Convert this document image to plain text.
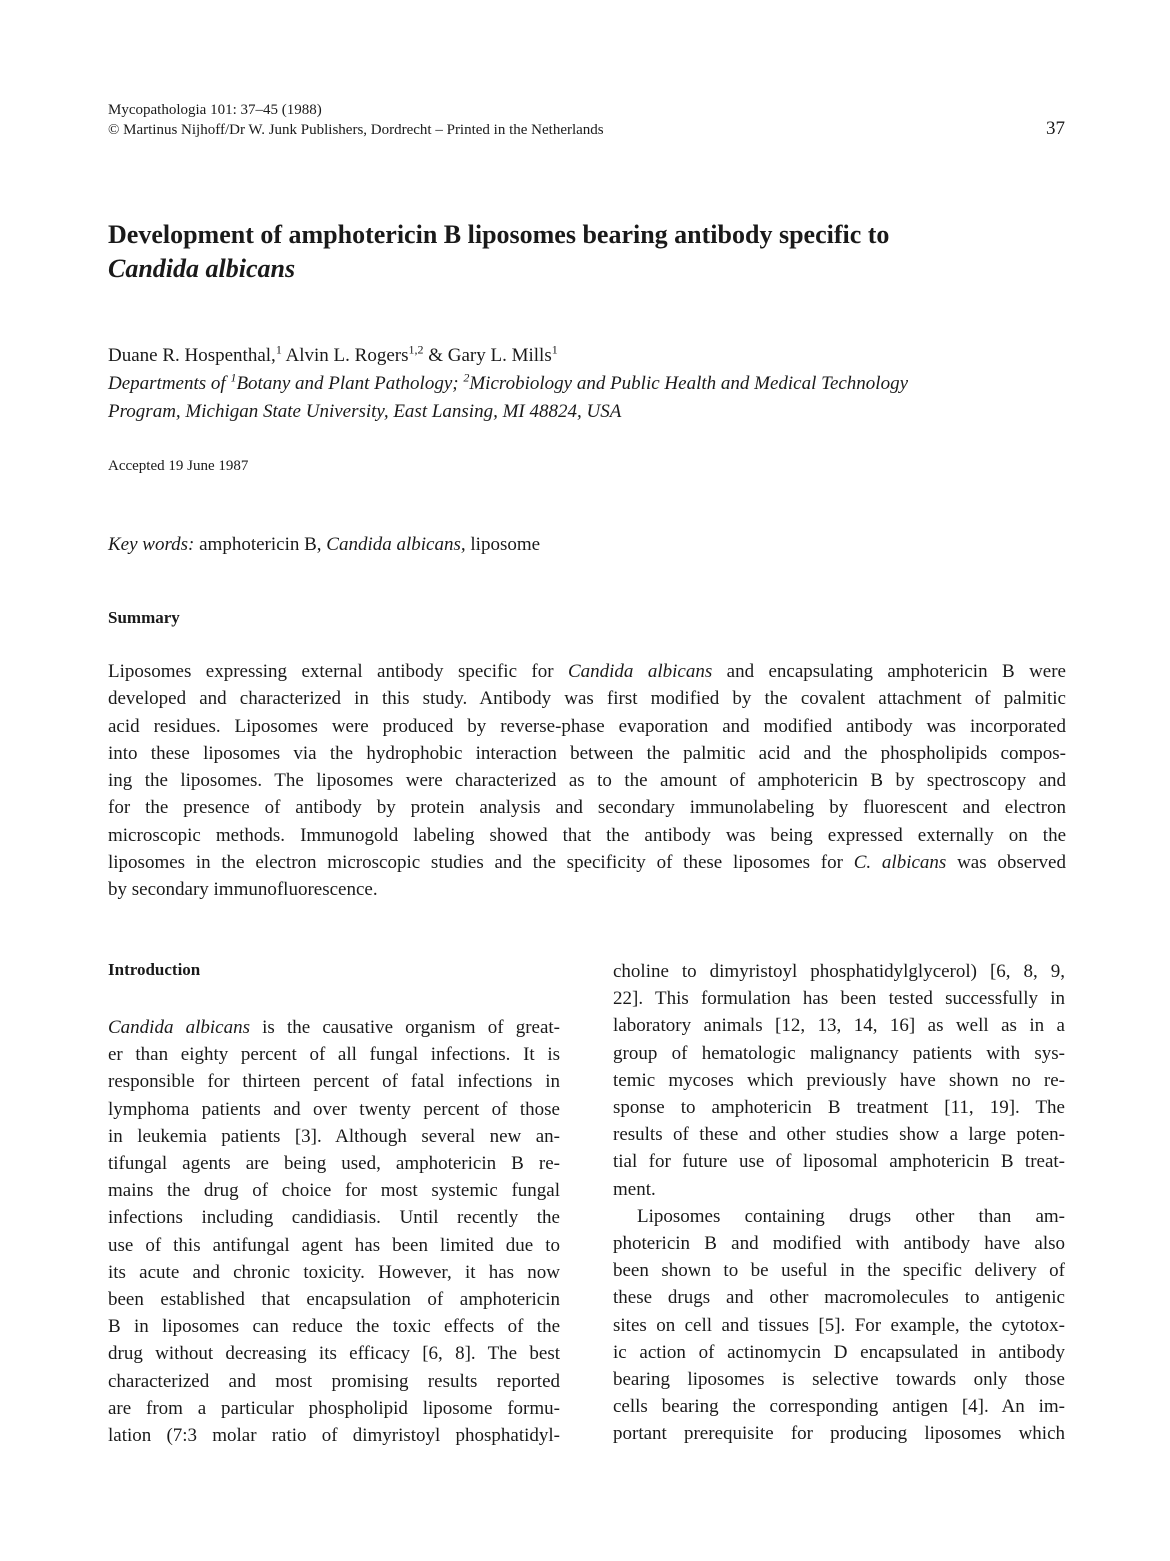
Mycopathologia 101: 37–45 (1988)
© Martinus Nijhoff/Dr W. Junk Publishers, Dordrecht – Printed in the Netherlands	37
Development of amphotericin B liposomes bearing antibody specific to
Candida albicans
Duane R. Hospenthal,$^1$ Alvin L. Rogers$^{1,2}$ & Gary L. Mills$^1$
Departments of $^1$Botany and Plant Pathology; $^2$Microbiology and Public Health and Medical Technology
Program, Michigan State University, East Lansing, MI 48824, USA
Accepted 19 June 1987
Key words: amphotericin B, Candida albicans, liposome
Summary
Liposomes expressing external antibody specific for Candida albicans and encapsulating amphotericin B were
developed and characterized in this study. Antibody was first modified by the covalent attachment of palmitic
acid residues. Liposomes were produced by reverse-phase evaporation and modified antibody was incorporated
into these liposomes via the hydrophobic interaction between the palmitic acid and the phospholipids compos-
ing the liposomes. The liposomes were characterized as to the amount of amphotericin B by spectroscopy and
for the presence of antibody by protein analysis and secondary immunolabeling by fluorescent and electron
microscopic methods. Immunogold labeling showed that the antibody was being expressed externally on the
liposomes in the electron microscopic studies and the specificity of these liposomes for C. albicans was observed
by secondary immunofluorescence.
Introduction
Candida albicans is the causative organism of great-
er than eighty percent of all fungal infections. It is
responsible for thirteen percent of fatal infections in
lymphoma patients and over twenty percent of those
in leukemia patients [3]. Although several new an-
tifungal agents are being used, amphotericin B re-
mains the drug of choice for most systemic fungal
infections including candidiasis. Until recently the
use of this antifungal agent has been limited due to
its acute and chronic toxicity. However, it has now
been established that encapsulation of amphotericin
B in liposomes can reduce the toxic effects of the
drug without decreasing its efficacy [6, 8]. The best
characterized and most promising results reported
are from a particular phospholipid liposome formu-
lation (7:3 molar ratio of dimyristoyl phosphatidyl-
choline to dimyristoyl phosphatidylglycerol) [6, 8, 9,
22]. This formulation has been tested successfully in
laboratory animals [12, 13, 14, 16] as well as in a
group of hematologic malignancy patients with sys-
temic mycoses which previously have shown no re-
sponse to amphotericin B treatment [11, 19]. The
results of these and other studies show a large poten-
tial for future use of liposomal amphotericin B treat-
ment.
Liposomes containing drugs other than am-
photericin B and modified with antibody have also
been shown to be useful in the specific delivery of
these drugs and other macromolecules to antigenic
sites on cell and tissues [5]. For example, the cytotox-
ic action of actinomycin D encapsulated in antibody
bearing liposomes is selective towards only those
cells bearing the corresponding antigen [4]. An im-
portant prerequisite for producing liposomes which
